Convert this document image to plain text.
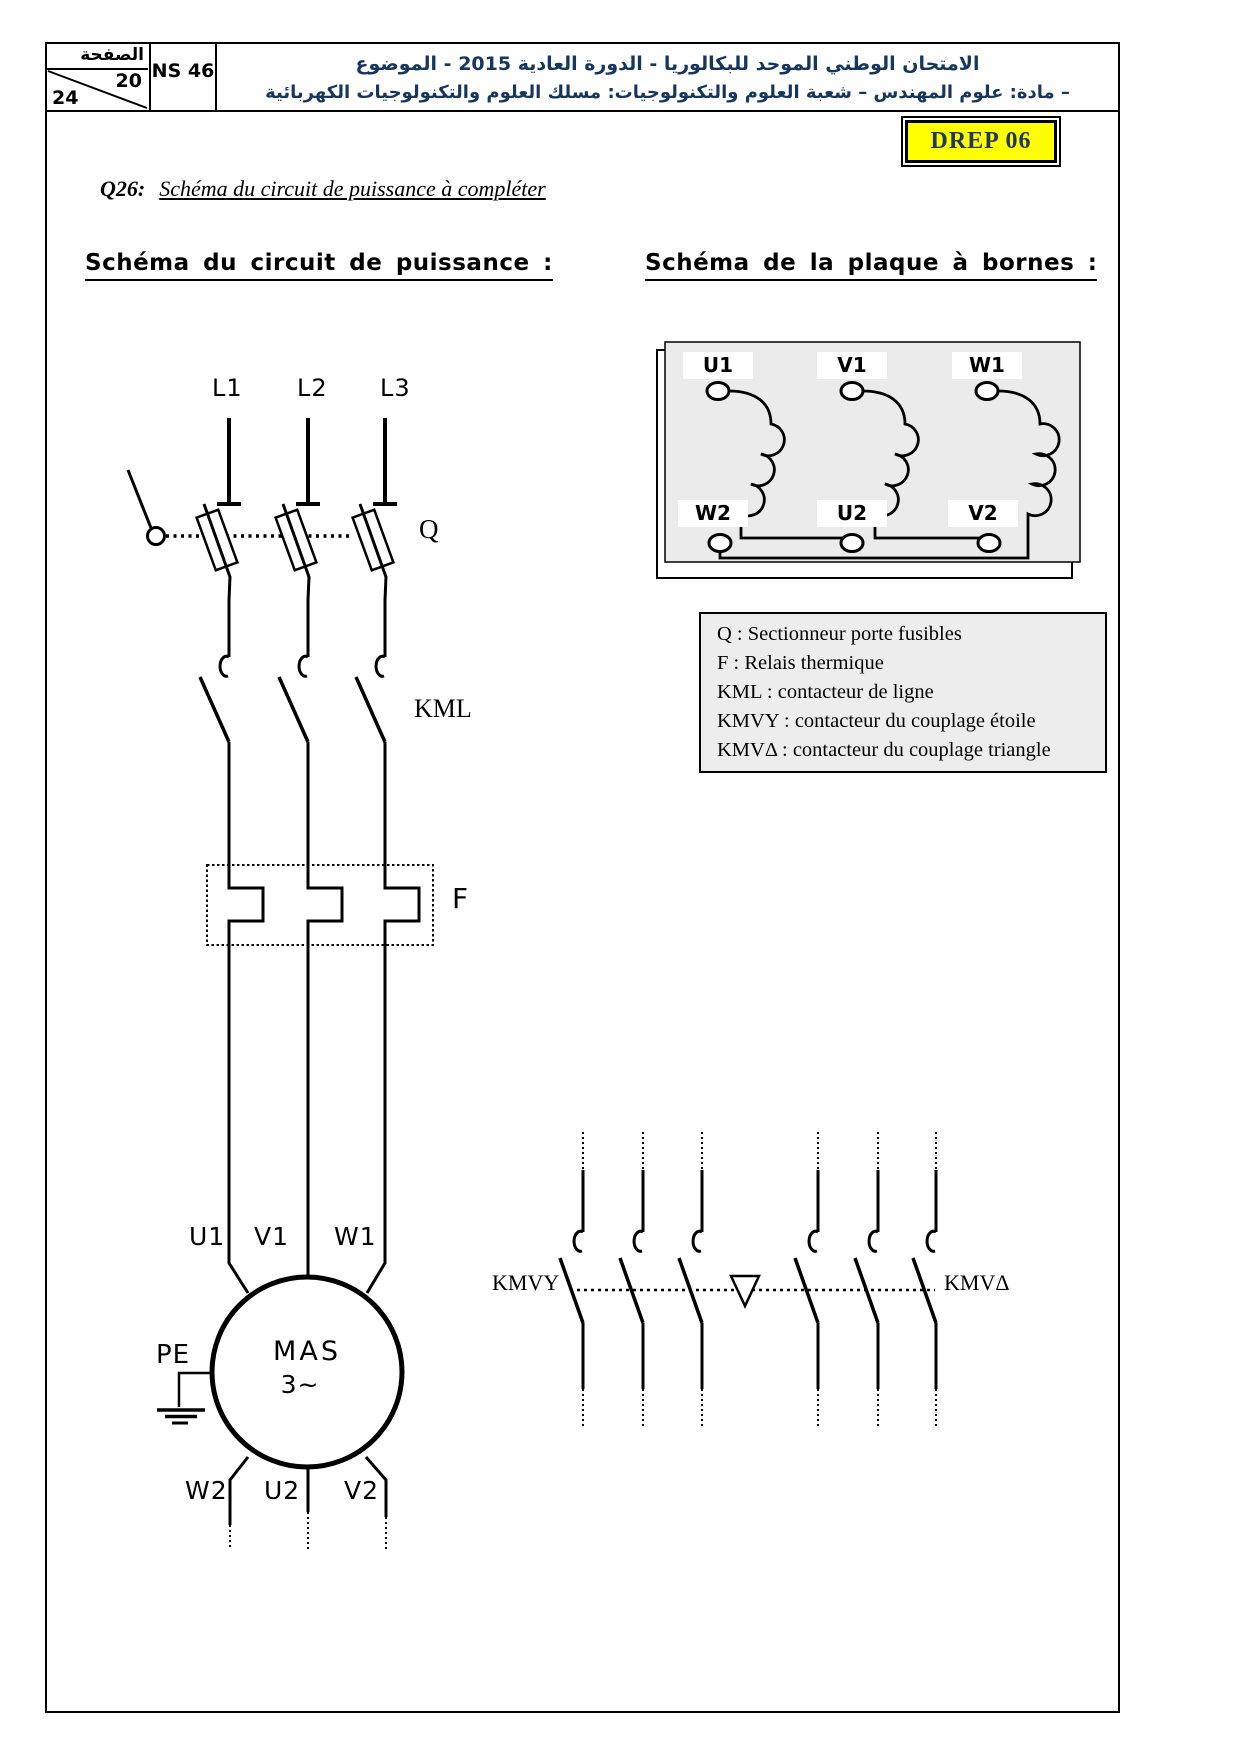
الصفحة
20
24
NS 46	الامتحان الوطني الموحد للبكالوريا - الدورة العادية 2015 - الموضوع
– مادة: علوم المهندس – شعبة العلوم والتكنولوجيات: مسلك العلوم والتكنولوجيات الكهربائية
DREP 06
Q26: Schéma du circuit de puissance à compléter
Schéma du circuit de puissance :	Schéma de la plaque à bornes :
L1 L2 L3
Q
KML
F
U1 V1 W1
PE	MAS
3~
W2 U2 V2
KMVY	KMVΔ
U1	V1	W1
W2	U2	V2
Q : Sectionneur porte fusibles
F : Relais thermique
KML : contacteur de ligne
KMVY : contacteur du couplage étoile
KMVΔ : contacteur du couplage triangle
